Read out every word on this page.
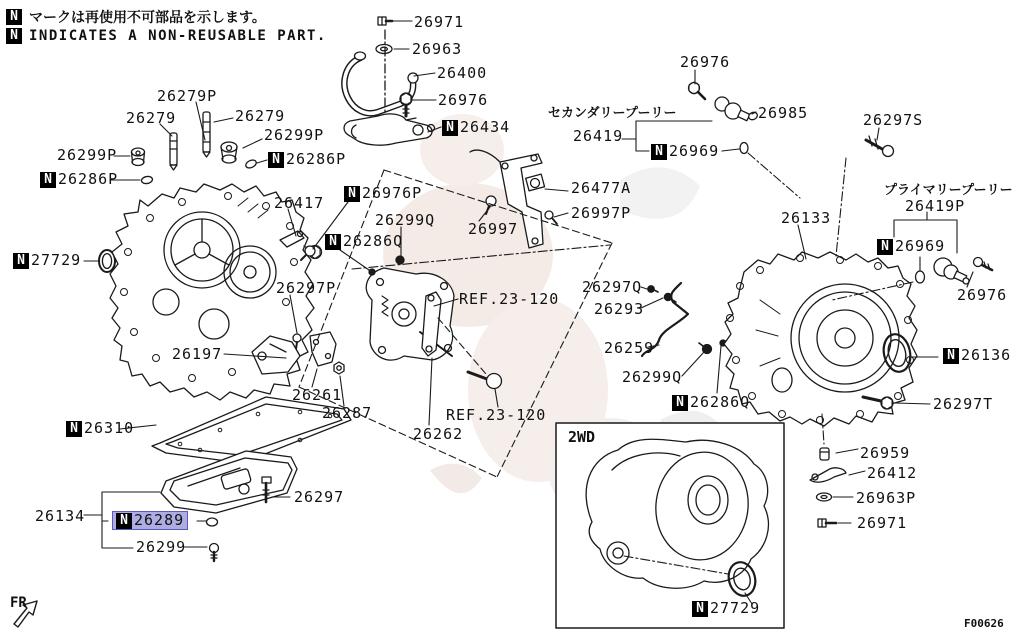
N マークは再使用不可部品を示します。
N INDICATES A NON-REUSABLE PART.
26971
26963
26400
26976
N 26434
26279P
26279	26279
26299P
26299P
N 26286P
N 26286P
N 27729
26417
N 26976P
26299Q
N 26286Q
26297P
26197
26261
26287
N 26310
26134	N 26289
26299
26297
26262
REF.23-120
REF.23-120
26997
26477A
26997P
26976
26419
26985
N 26969
26297S
26419P
N 26969
26976
26133
N 26136
26297T
26297Q
26293
26259
26299Q
N 26286Q
26959
26412
26963P
26971
N 27729
セカンダリープーリー
プライマリープーリー
2WD
FR
F00626
